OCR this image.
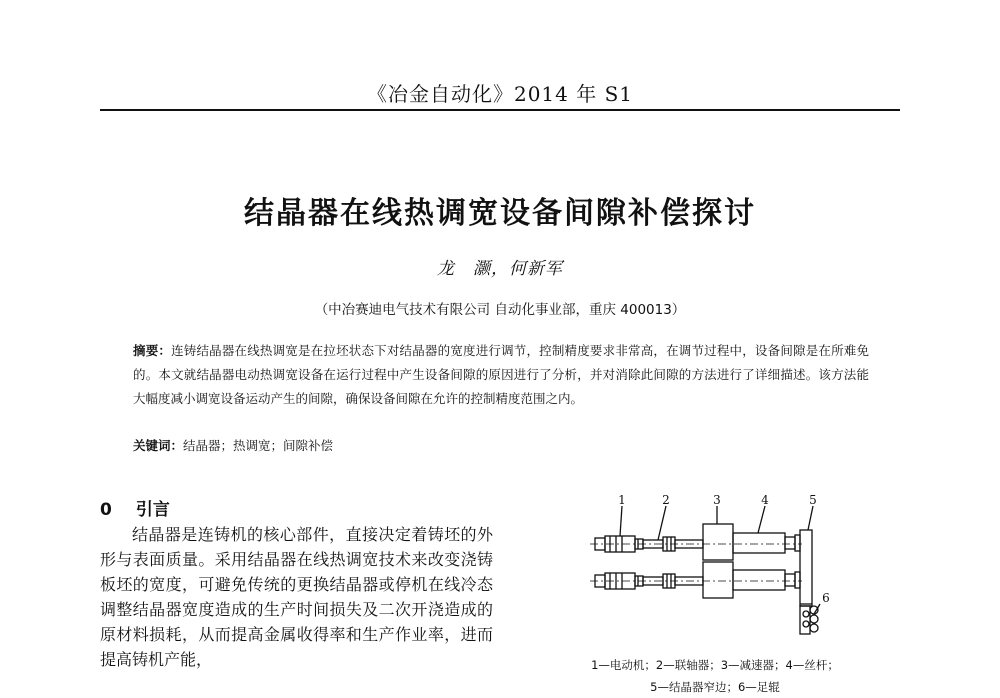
《冶金自动化》2014 年 S1
结晶器在线热调宽设备间隙补偿探讨
龙　灏，何新军
（中冶赛迪电气技术有限公司 自动化事业部，重庆 400013）
摘要：连铸结晶器在线热调宽是在拉坯状态下对结晶器的宽度进行调节，控制精度要求非常高，在调节过程中，设备间隙是在所难免的。本文就结晶器电动热调宽设备在运行过程中产生设备间隙的原因进行了分析，并对消除此间隙的方法进行了详细描述。该方法能大幅度减小调宽设备运动产生的间隙，确保设备间隙在允许的控制精度范围之内。
关键词：结晶器；热调宽；间隙补偿
0 引言

结晶器是连铸机的核心部件，直接决定着铸坯的外形与表面质量。采用结晶器在线热调宽技术来改变浇铸板坯的宽度，可避免传统的更换结晶器或停机在线冷态调整结晶器宽度造成的生产时间损失及二次开浇造成的原材料损耗，从而提高金属收得率和生产作业率，进而提高铸机产能，

1	2	3	4	5
6
1—电动机；2—联轴器；3—减速器；4—丝杆；
5—结晶器窄边；6—足辊
